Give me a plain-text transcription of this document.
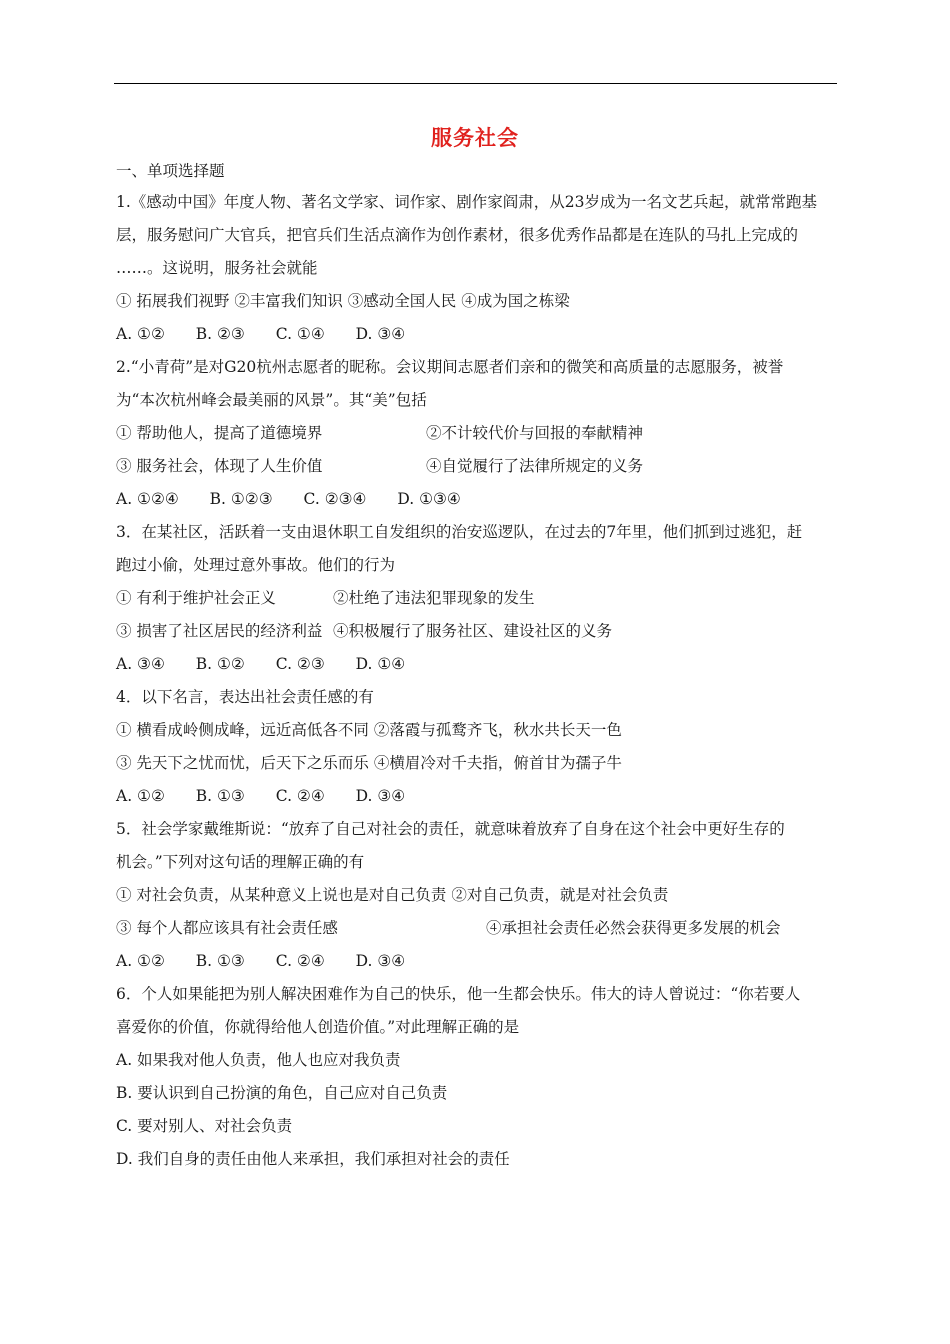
服务社会
一、单项选择题
1.《感动中国》年度人物、著名文学家、词作家、剧作家阎肃，从23岁成为一名文艺兵起，就常常跑基
层，服务慰问广大官兵，把官兵们生活点滴作为创作素材，很多优秀作品都是在连队的马扎上完成的
……。这说明，服务社会就能
① 拓展我们视野 ②丰富我们知识 ③感动全国人民 ④成为国之栋梁
A. ①② B. ②③ C. ①④ D. ③④
2.“小青荷”是对G20杭州志愿者的昵称。会议期间志愿者们亲和的微笑和高质量的志愿服务，被誉
为“本次杭州峰会最美丽的风景”。其“美”包括
① 帮助他人，提高了道德境界	②不计较代价与回报的奉献精神
③ 服务社会，体现了人生价值	④自觉履行了法律所规定的义务
A. ①②④ B. ①②③ C. ②③④ D. ①③④
3．在某社区，活跃着一支由退休职工自发组织的治安巡逻队，在过去的7年里，他们抓到过逃犯，赶
跑过小偷，处理过意外事故。他们的行为
① 有利于维护社会正义	②杜绝了违法犯罪现象的发生
③ 损害了社区居民的经济利益 ④积极履行了服务社区、建设社区的义务
A. ③④ B. ①② C. ②③ D. ①④
4．以下名言，表达出社会责任感的有
① 横看成岭侧成峰，远近高低各不同 ②落霞与孤鹜齐飞，秋水共长天一色
③ 先天下之忧而忧，后天下之乐而乐 ④横眉冷对千夫指，俯首甘为孺子牛
A. ①② B. ①③ C. ②④ D. ③④
5．社会学家戴维斯说：“放弃了自己对社会的责任，就意味着放弃了自身在这个社会中更好生存的
机会。”下列对这句话的理解正确的有
① 对社会负责，从某种意义上说也是对自己负责 ②对自己负责，就是对社会负责
③ 每个人都应该具有社会责任感	④承担社会责任必然会获得更多发展的机会
A. ①② B. ①③ C. ②④ D. ③④
6．个人如果能把为别人解决困难作为自己的快乐，他一生都会快乐。伟大的诗人曾说过：“你若要人
喜爱你的价值，你就得给他人创造价值。”对此理解正确的是
A. 如果我对他人负责，他人也应对我负责
B. 要认识到自己扮演的角色，自己应对自己负责
C. 要对别人、对社会负责
D. 我们自身的责任由他人来承担，我们承担对社会的责任
